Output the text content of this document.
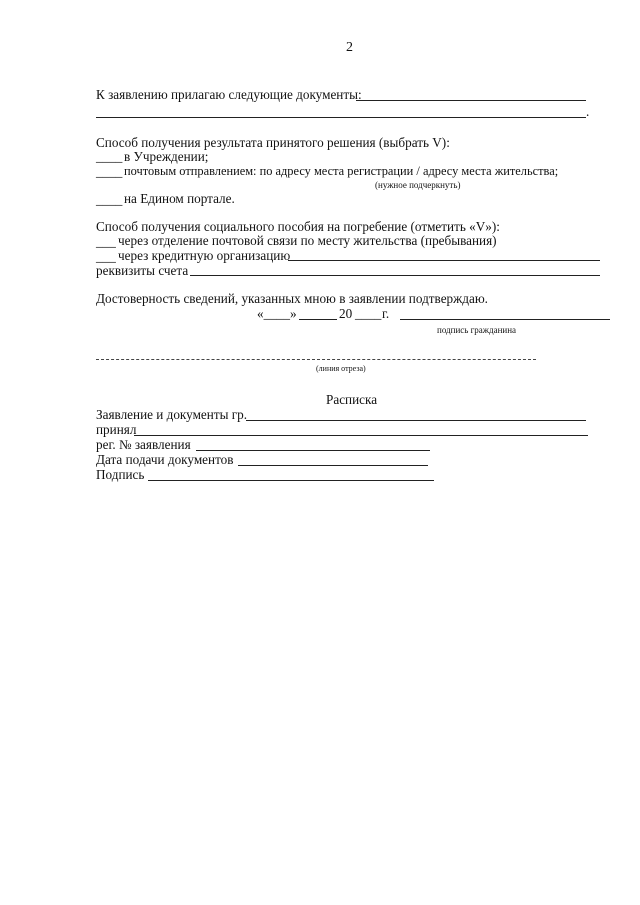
2
К заявлению прилагаю следующие документы:
.
Способ получения результата принятого решения (выбрать V):
____ в Учреждении;
____ почтовым отправлением: по адресу места регистрации / адресу места жительства;
(нужное подчеркнуть)
____ на Едином портале.
Способ получения социального пособия на погребение (отметить «V»):
___ через отделение почтовой связи по месту жительства (пребывания)
___ через кредитную организацию
реквизиты счета
Достоверность сведений, указанных мною в заявлении подтверждаю.
«____»	20 ____ г.
подпись гражданина
(линия отреза)
Расписка
Заявление и документы гр.
принял
рег. № заявления
Дата подачи документов
Подпись
